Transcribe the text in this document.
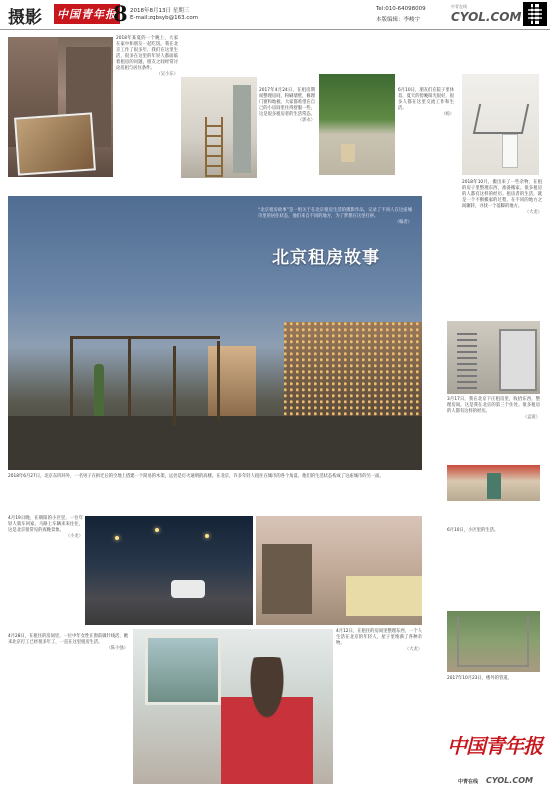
摄影 中国青年报
8 2018年8月13日 星期三
E-mail:zqbsyb@163.com
Tel:010-64098009
本版编辑：李峻宇
中青在线
CYOL.COM
2018年某夏的一个晚上，大家在家中和朋友一起吃饭。我在北京工作了很多年，我们在这里生活，很多在这里的年轻人都面临着租房的问题，朋友之间经常讨论房租与居住条件。
（吴小东）
2017年4月24日，在租房期间整理房间，粉刷墙壁，修理门窗和地板。大家都希望在自己的小房间里住得舒服一些，这是很多租房者的生活常态。
（郭永）
6月10日，朋友们在院子里休息，夏天的傍晚阳光很好，很多人都在这里交流工作和生活。
（杨）
2018年10月，搬出来了一些杂物，在租的房子里整理东西，准备搬家。很多租房的人都有这样的经历。租房者的生活，就是一个不断搬家的过程，在不同的地方之间辗转，寻找一个落脚的地方。
（大龙）
“北京租房故事”是一组关于在北京租房生活的摄影作品，记录了不同人在这座城市里的居住状态，他们来自不同的地方，为了梦想在这里打拼。
（编者）
北京租房故事
2018年6月27日，北京东四环外，一名男子在拆迁后的空地上搭建一个简易的木架，远处是灯火通明的高楼。在北京，许多年轻人租住在城市的各个角落，他们的生活状态构成了这座城市的另一面。
3月17日，我在北京下庄租房里，收拾东西，整理房间，这是我在北京的第三个住处。很多租房的人都有这样的经历。
（孟波）
6月10日，小区里的生活。
4月19日晚，在朝阳的小区里，一位年轻人骑车回家，马路上车辆来来往往，这是北京很常见的夜晚景象。
（小龙）
4月28日，在租住的房间里，一位中年女性在窗前做针线活，她来北京打工已经很多年了，一直在这里租房生活。
（陈小强）
4月12日，在租住的房间里整理东西，一个人生活在北京的年轻人，屋子里堆满了各种杂物。
（大龙）
2017年10月23日，楼外的管道。
中国青年报
中青在线 CYOL.COM
